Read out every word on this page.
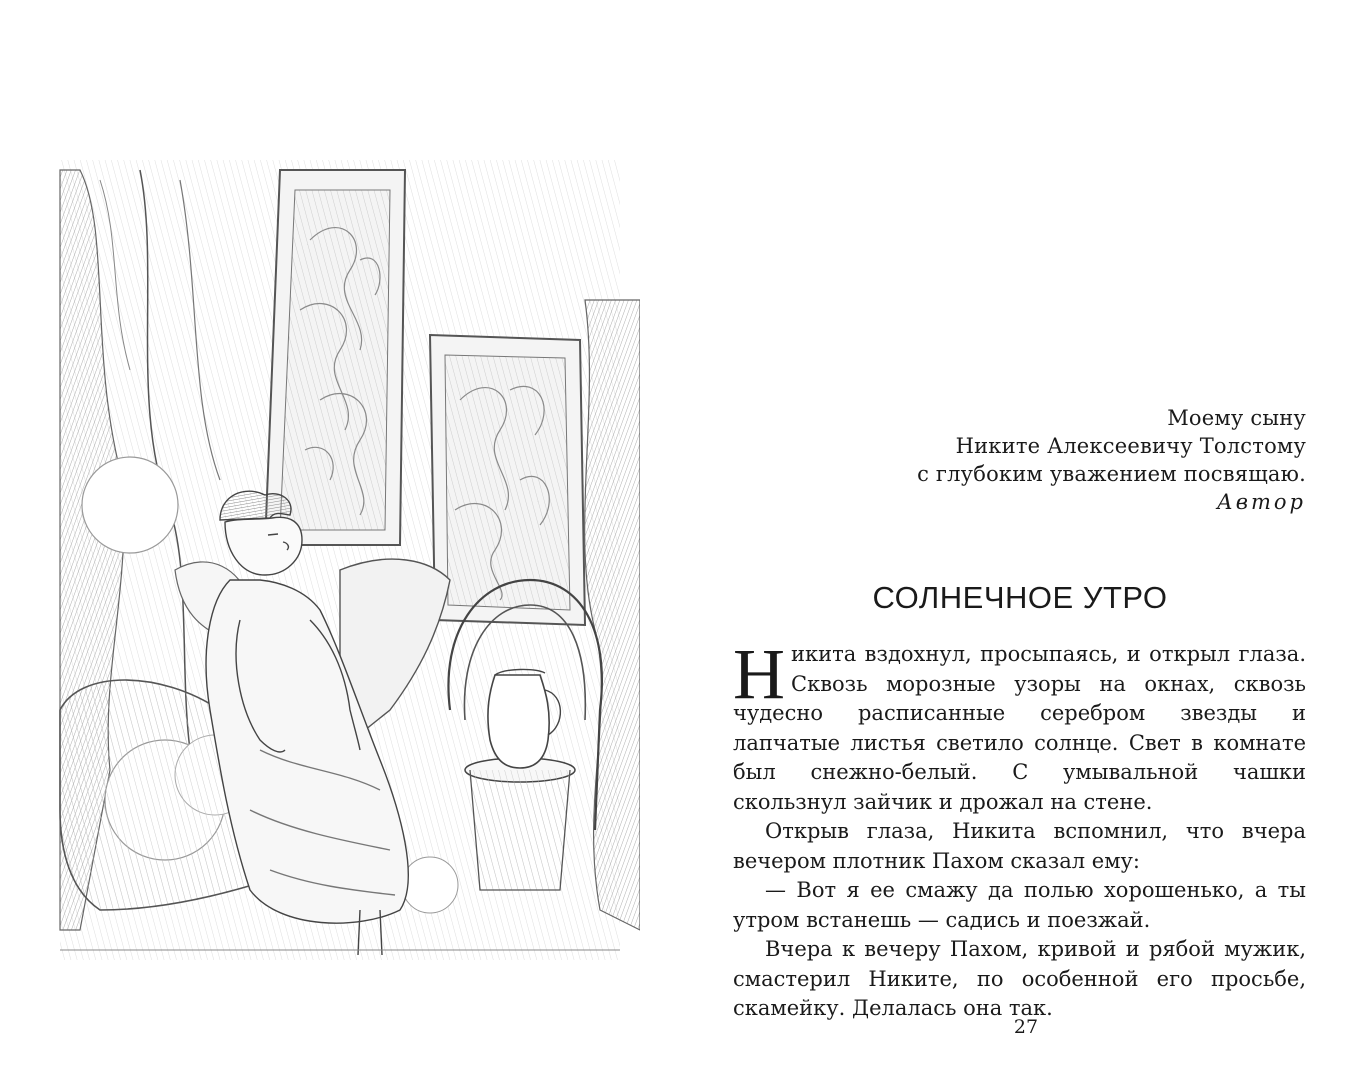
Моему сыну
Никите Алексеевичу Толстому
с глубоким уважением посвящаю.
Автор
СОЛНЕЧНОЕ УТРО

Никита вздохнул, просыпаясь, и открыл глаза. Сквозь морозные узоры на окнах, сквозь чудесно расписанные серебром звезды и лапчатые листья светило солнце. Свет в комнате был снежно-белый. С умывальной чашки скользнул зайчик и дрожал на стене.

Открыв глаза, Никита вспомнил, что вчера вечером плотник Пахом сказал ему:

— Вот я ее смажу да полью хорошенько, а ты утром встанешь — садись и поезжай.

Вчера к вечеру Пахом, кривой и рябой мужик, смастерил Никите, по особенной его просьбе, скамейку. Делалась она так.

27
